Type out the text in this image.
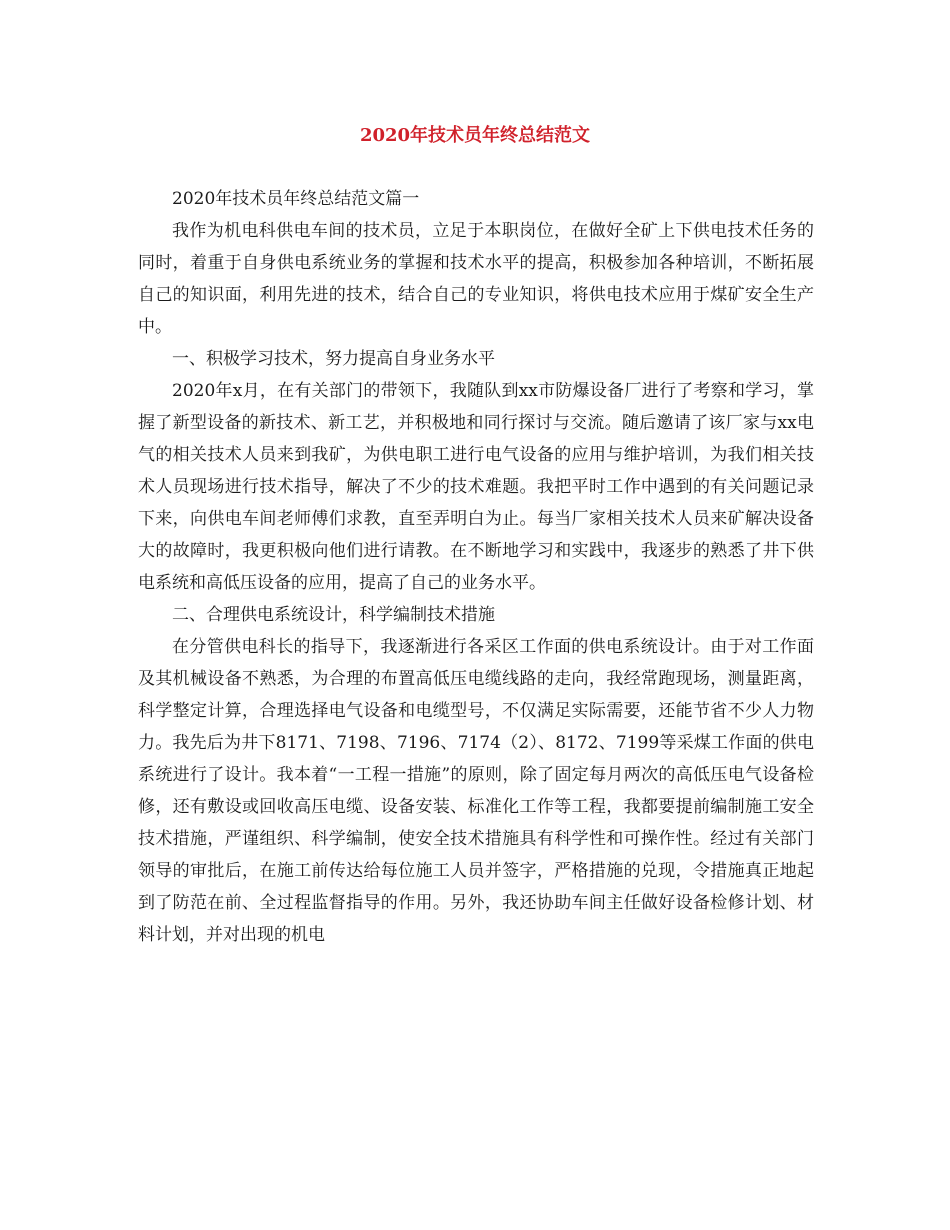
2020年技术员年终总结范文

2020年技术员年终总结范文篇一

我作为机电科供电车间的技术员，立足于本职岗位，在做好全矿上下供电技术任务的同时，着重于自身供电系统业务的掌握和技术水平的提高，积极参加各种培训，不断拓展自己的知识面，利用先进的技术，结合自己的专业知识，将供电技术应用于煤矿安全生产中。

一、积极学习技术，努力提高自身业务水平

2020年x月，在有关部门的带领下，我随队到xx市防爆设备厂进行了考察和学习，掌握了新型设备的新技术、新工艺，并积极地和同行探讨与交流。随后邀请了该厂家与xx电气的相关技术人员来到我矿，为供电职工进行电气设备的应用与维护培训，为我们相关技术人员现场进行技术指导，解决了不少的技术难题。我把平时工作中遇到的有关问题记录下来，向供电车间老师傅们求教，直至弄明白为止。每当厂家相关技术人员来矿解决设备大的故障时，我更积极向他们进行请教。在不断地学习和实践中，我逐步的熟悉了井下供电系统和高低压设备的应用，提高了自己的业务水平。

二、合理供电系统设计，科学编制技术措施

在分管供电科长的指导下，我逐渐进行各采区工作面的供电系统设计。由于对工作面及其机械设备不熟悉，为合理的布置高低压电缆线路的走向，我经常跑现场，测量距离，科学整定计算，合理选择电气设备和电缆型号，不仅满足实际需要，还能节省不少人力物力。我先后为井下8171、7198、7196、7174（2）、8172、7199等采煤工作面的供电系统进行了设计。我本着“一工程一措施”的原则，除了固定每月两次的高低压电气设备检修，还有敷设或回收高压电缆、设备安装、标准化工作等工程，我都要提前编制施工安全技术措施，严谨组织、科学编制，使安全技术措施具有科学性和可操作性。经过有关部门领导的审批后，在施工前传达给每位施工人员并签字，严格措施的兑现，令措施真正地起到了防范在前、全过程监督指导的作用。另外，我还协助车间主任做好设备检修计划、材料计划，并对出现的机电
